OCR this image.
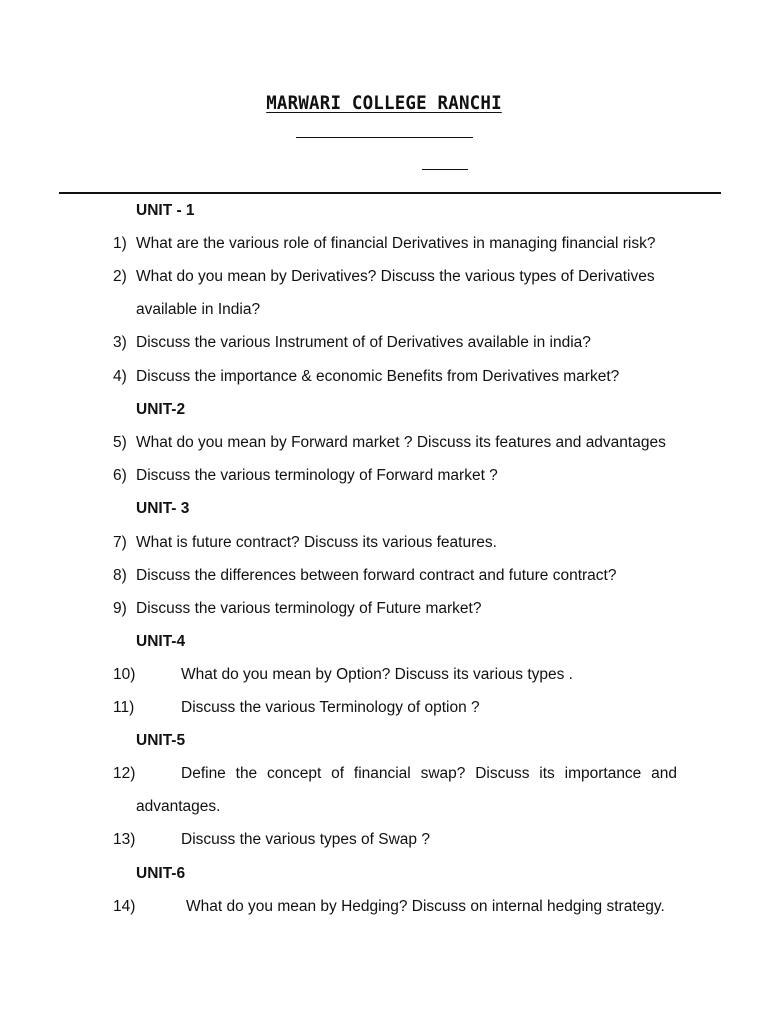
MARWARI COLLEGE RANCHI
UNIT - 1
1) What are the various role of financial Derivatives in managing financial risk?
2) What do you mean by Derivatives? Discuss the various types of Derivatives
available in India?
3) Discuss the various Instrument of of Derivatives available in india?
4) Discuss the importance & economic Benefits from Derivatives market?
UNIT-2
5) What do you mean by Forward market ? Discuss its features and advantages
6) Discuss the various terminology of Forward market ?
UNIT- 3
7) What is future contract? Discuss its various features.
8) Discuss the differences between forward contract and future contract?
9) Discuss the various terminology of Future market?
UNIT-4
10)	What do you mean by Option? Discuss its various types .
11)	Discuss the various Terminology of option ?
UNIT-5
12)	Define the concept of financial swap? Discuss its importance and
advantages.
13)	Discuss the various types of Swap ?
UNIT-6
14)	What do you mean by Hedging? Discuss on internal hedging strategy.
